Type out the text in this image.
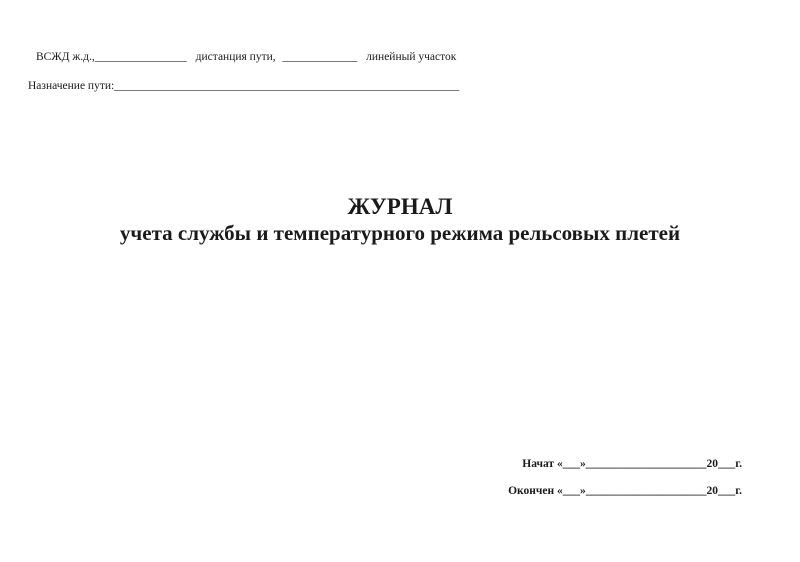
ВСЖД ж.д.,________________ дистанция пути, _____________ линейный участок
Назначение пути:____________________________________________________________
ЖУРНАЛ
учета службы и температурного режима рельсовых плетей
Начат «___»_____________________20___г.
Окончен «___»_____________________20___г.
